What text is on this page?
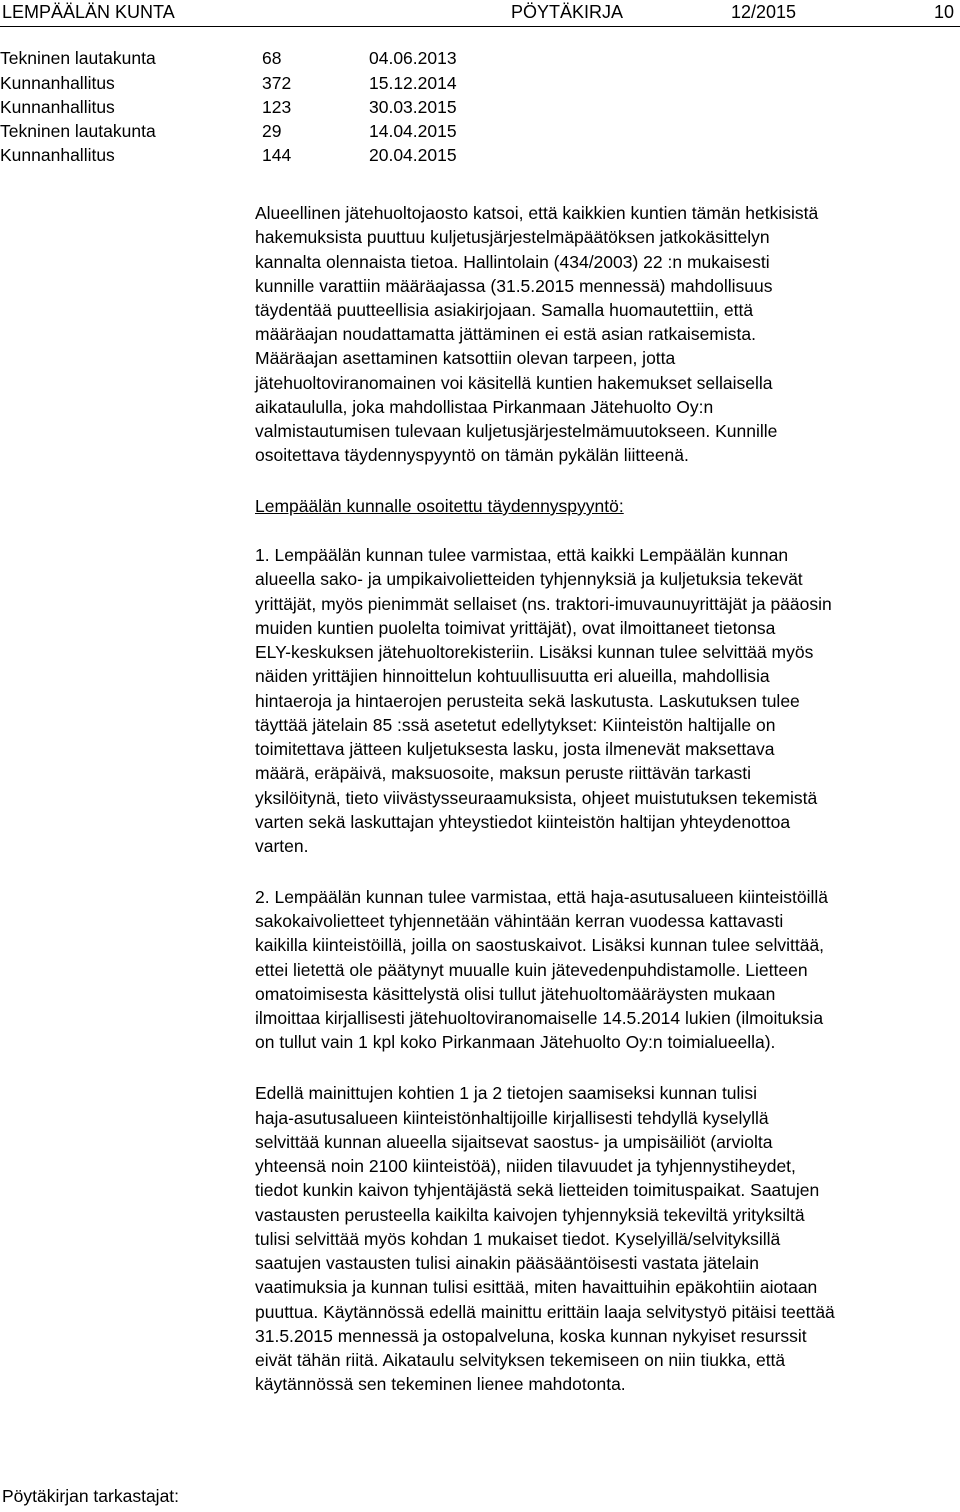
LEMPÄÄLÄN KUNTA	PÖYTÄKIRJA	12/2015	10
Tekninen lautakunta	68	04.06.2013
Kunnanhallitus	372	15.12.2014
Kunnanhallitus	123	30.03.2015
Tekninen lautakunta	29	14.04.2015
Kunnanhallitus	144	20.04.2015
Alueellinen jätehuoltojaosto katsoi, että kaikkien kuntien tämän hetkisistä
hakemuksista puuttuu kuljetusjärjestelmäpäätöksen jatkokäsittelyn
kannalta olennaista tietoa. Hallintolain (434/2003) 22 :n mukaisesti
kunnille varattiin määräajassa (31.5.2015 mennessä) mahdollisuus
täydentää puutteellisia asiakirjojaan. Samalla huomautettiin, että
määräajan noudattamatta jättäminen ei estä asian ratkaisemista.
Määräajan asettaminen katsottiin olevan tarpeen, jotta
jätehuoltoviranomainen voi käsitellä kuntien hakemukset sellaisella
aikataululla, joka mahdollistaa Pirkanmaan Jätehuolto Oy:n
valmistautumisen tulevaan kuljetusjärjestelmämuutokseen. Kunnille
osoitettava täydennyspyyntö on tämän pykälän liitteenä.
Lempäälän kunnalle osoitettu täydennyspyyntö:
1. Lempäälän kunnan tulee varmistaa, että kaikki Lempäälän kunnan
alueella sako- ja umpikaivolietteiden tyhjennyksiä ja kuljetuksia tekevät
yrittäjät, myös pienimmät sellaiset (ns. traktori-imuvaunuyrittäjät ja pääosin
muiden kuntien puolelta toimivat yrittäjät), ovat ilmoittaneet tietonsa
ELY-keskuksen jätehuoltorekisteriin. Lisäksi kunnan tulee selvittää myös
näiden yrittäjien hinnoittelun kohtuullisuutta eri alueilla, mahdollisia
hintaeroja ja hintaerojen perusteita sekä laskutusta. Laskutuksen tulee
täyttää jätelain 85 :ssä asetetut edellytykset: Kiinteistön haltijalle on
toimitettava jätteen kuljetuksesta lasku, josta ilmenevät maksettava
määrä, eräpäivä, maksuosoite, maksun peruste riittävän tarkasti
yksilöitynä, tieto viivästysseuraamuksista, ohjeet muistutuksen tekemistä
varten sekä laskuttajan yhteystiedot kiinteistön haltijan yhteydenottoa
varten.
2. Lempäälän kunnan tulee varmistaa, että haja-asutusalueen kiinteistöillä
sakokaivolietteet tyhjennetään vähintään kerran vuodessa kattavasti
kaikilla kiinteistöillä, joilla on saostuskaivot. Lisäksi kunnan tulee selvittää,
ettei lietettä ole päätynyt muualle kuin jätevedenpuhdistamolle. Lietteen
omatoimisesta käsittelystä olisi tullut jätehuoltomääräysten mukaan
ilmoittaa kirjallisesti jätehuoltoviranomaiselle 14.5.2014 lukien (ilmoituksia
on tullut vain 1 kpl koko Pirkanmaan Jätehuolto Oy:n toimialueella).
Edellä mainittujen kohtien 1 ja 2 tietojen saamiseksi kunnan tulisi
haja-asutusalueen kiinteistönhaltijoille kirjallisesti tehdyllä kyselyllä
selvittää kunnan alueella sijaitsevat saostus- ja umpisäiliöt (arviolta
yhteensä noin 2100 kiinteistöä), niiden tilavuudet ja tyhjennystiheydet,
tiedot kunkin kaivon tyhjentäjästä sekä lietteiden toimituspaikat. Saatujen
vastausten perusteella kaikilta kaivojen tyhjennyksiä tekeviltä yrityksiltä
tulisi selvittää myös kohdan 1 mukaiset tiedot. Kyselyillä/selvityksillä
saatujen vastausten tulisi ainakin pääsääntöisesti vastata jätelain
vaatimuksia ja kunnan tulisi esittää, miten havaittuihin epäkohtiin aiotaan
puuttua. Käytännössä edellä mainittu erittäin laaja selvitystyö pitäisi teettää
31.5.2015 mennessä ja ostopalveluna, koska kunnan nykyiset resurssit
eivät tähän riitä. Aikataulu selvityksen tekemiseen on niin tiukka, että
käytännössä sen tekeminen lienee mahdotonta.
Pöytäkirjan tarkastajat:
